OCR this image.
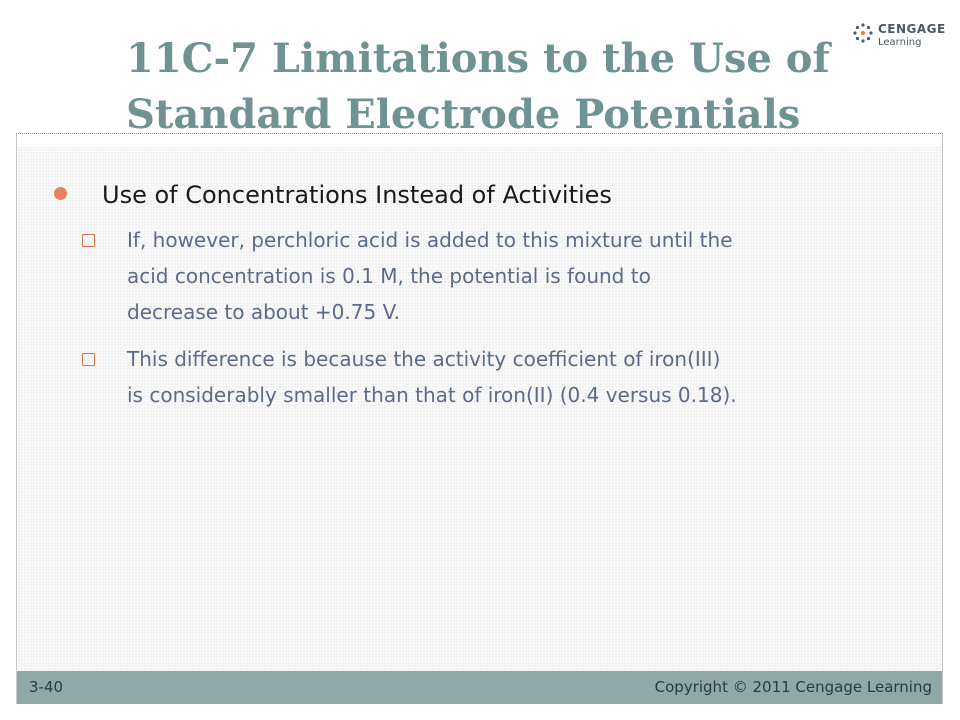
11C-7 Limitations to the Use of
Standard Electrode Potentials
CENGAGE
Learning
Use of Concentrations Instead of Activities
If, however, perchloric acid is added to this mixture until the
acid concentration is 0.1 M, the potential is found to
decrease to about +0.75 V.
This difference is because the activity coefficient of iron(III)
is considerably smaller than that of iron(II) (0.4 versus 0.18).
3-40	Copyright © 2011 Cengage Learning
